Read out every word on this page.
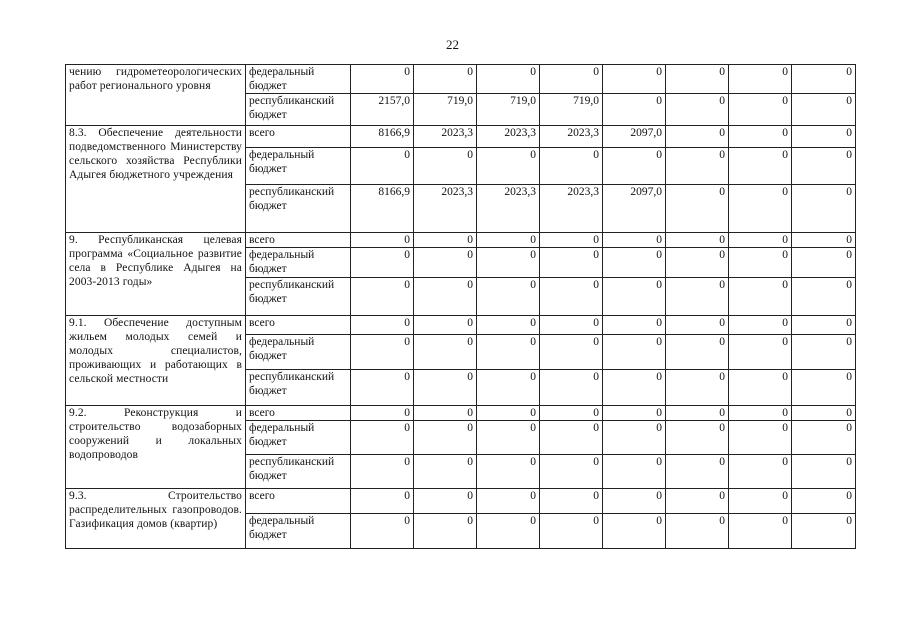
22
чению гидрометеорологических работ регионального уровня	федеральный бюджет	0	0	0	0	0	0	0	0
	республиканский бюджет	2157,0	719,0	719,0	719,0	0	0	0	0
8.3. Обеспечение деятельности подведомственного Министерству сельского хозяйства Республики Адыгея бюджетного учреждения	всего	8166,9	2023,3	2023,3	2023,3	2097,0	0	0	0
	федеральный бюджет	0	0	0	0	0	0	0	0
	республиканский бюджет	8166,9	2023,3	2023,3	2023,3	2097,0	0	0	0
9. Республиканская целевая программа «Социальное развитие села в Республике Адыгея на 2003-2013 годы»	всего	0	0	0	0	0	0	0	0
	федеральный бюджет	0	0	0	0	0	0	0	0
	республиканский бюджет	0	0	0	0	0	0	0	0
9.1. Обеспечение доступным жильем молодых семей и молодых специалистов, проживающих и работающих в сельской местности	всего	0	0	0	0	0	0	0	0
	федеральный бюджет	0	0	0	0	0	0	0	0
	республиканский бюджет	0	0	0	0	0	0	0	0
9.2. Реконструкция и строительство водозаборных сооружений и локальных водопроводов	всего	0	0	0	0	0	0	0	0
	федеральный бюджет	0	0	0	0	0	0	0	0
	республиканский бюджет	0	0	0	0	0	0	0	0
9.3. Строительство распределительных газопроводов. Газификация домов (квартир)	всего	0	0	0	0	0	0	0	0
	федеральный бюджет	0	0	0	0	0	0	0	0
